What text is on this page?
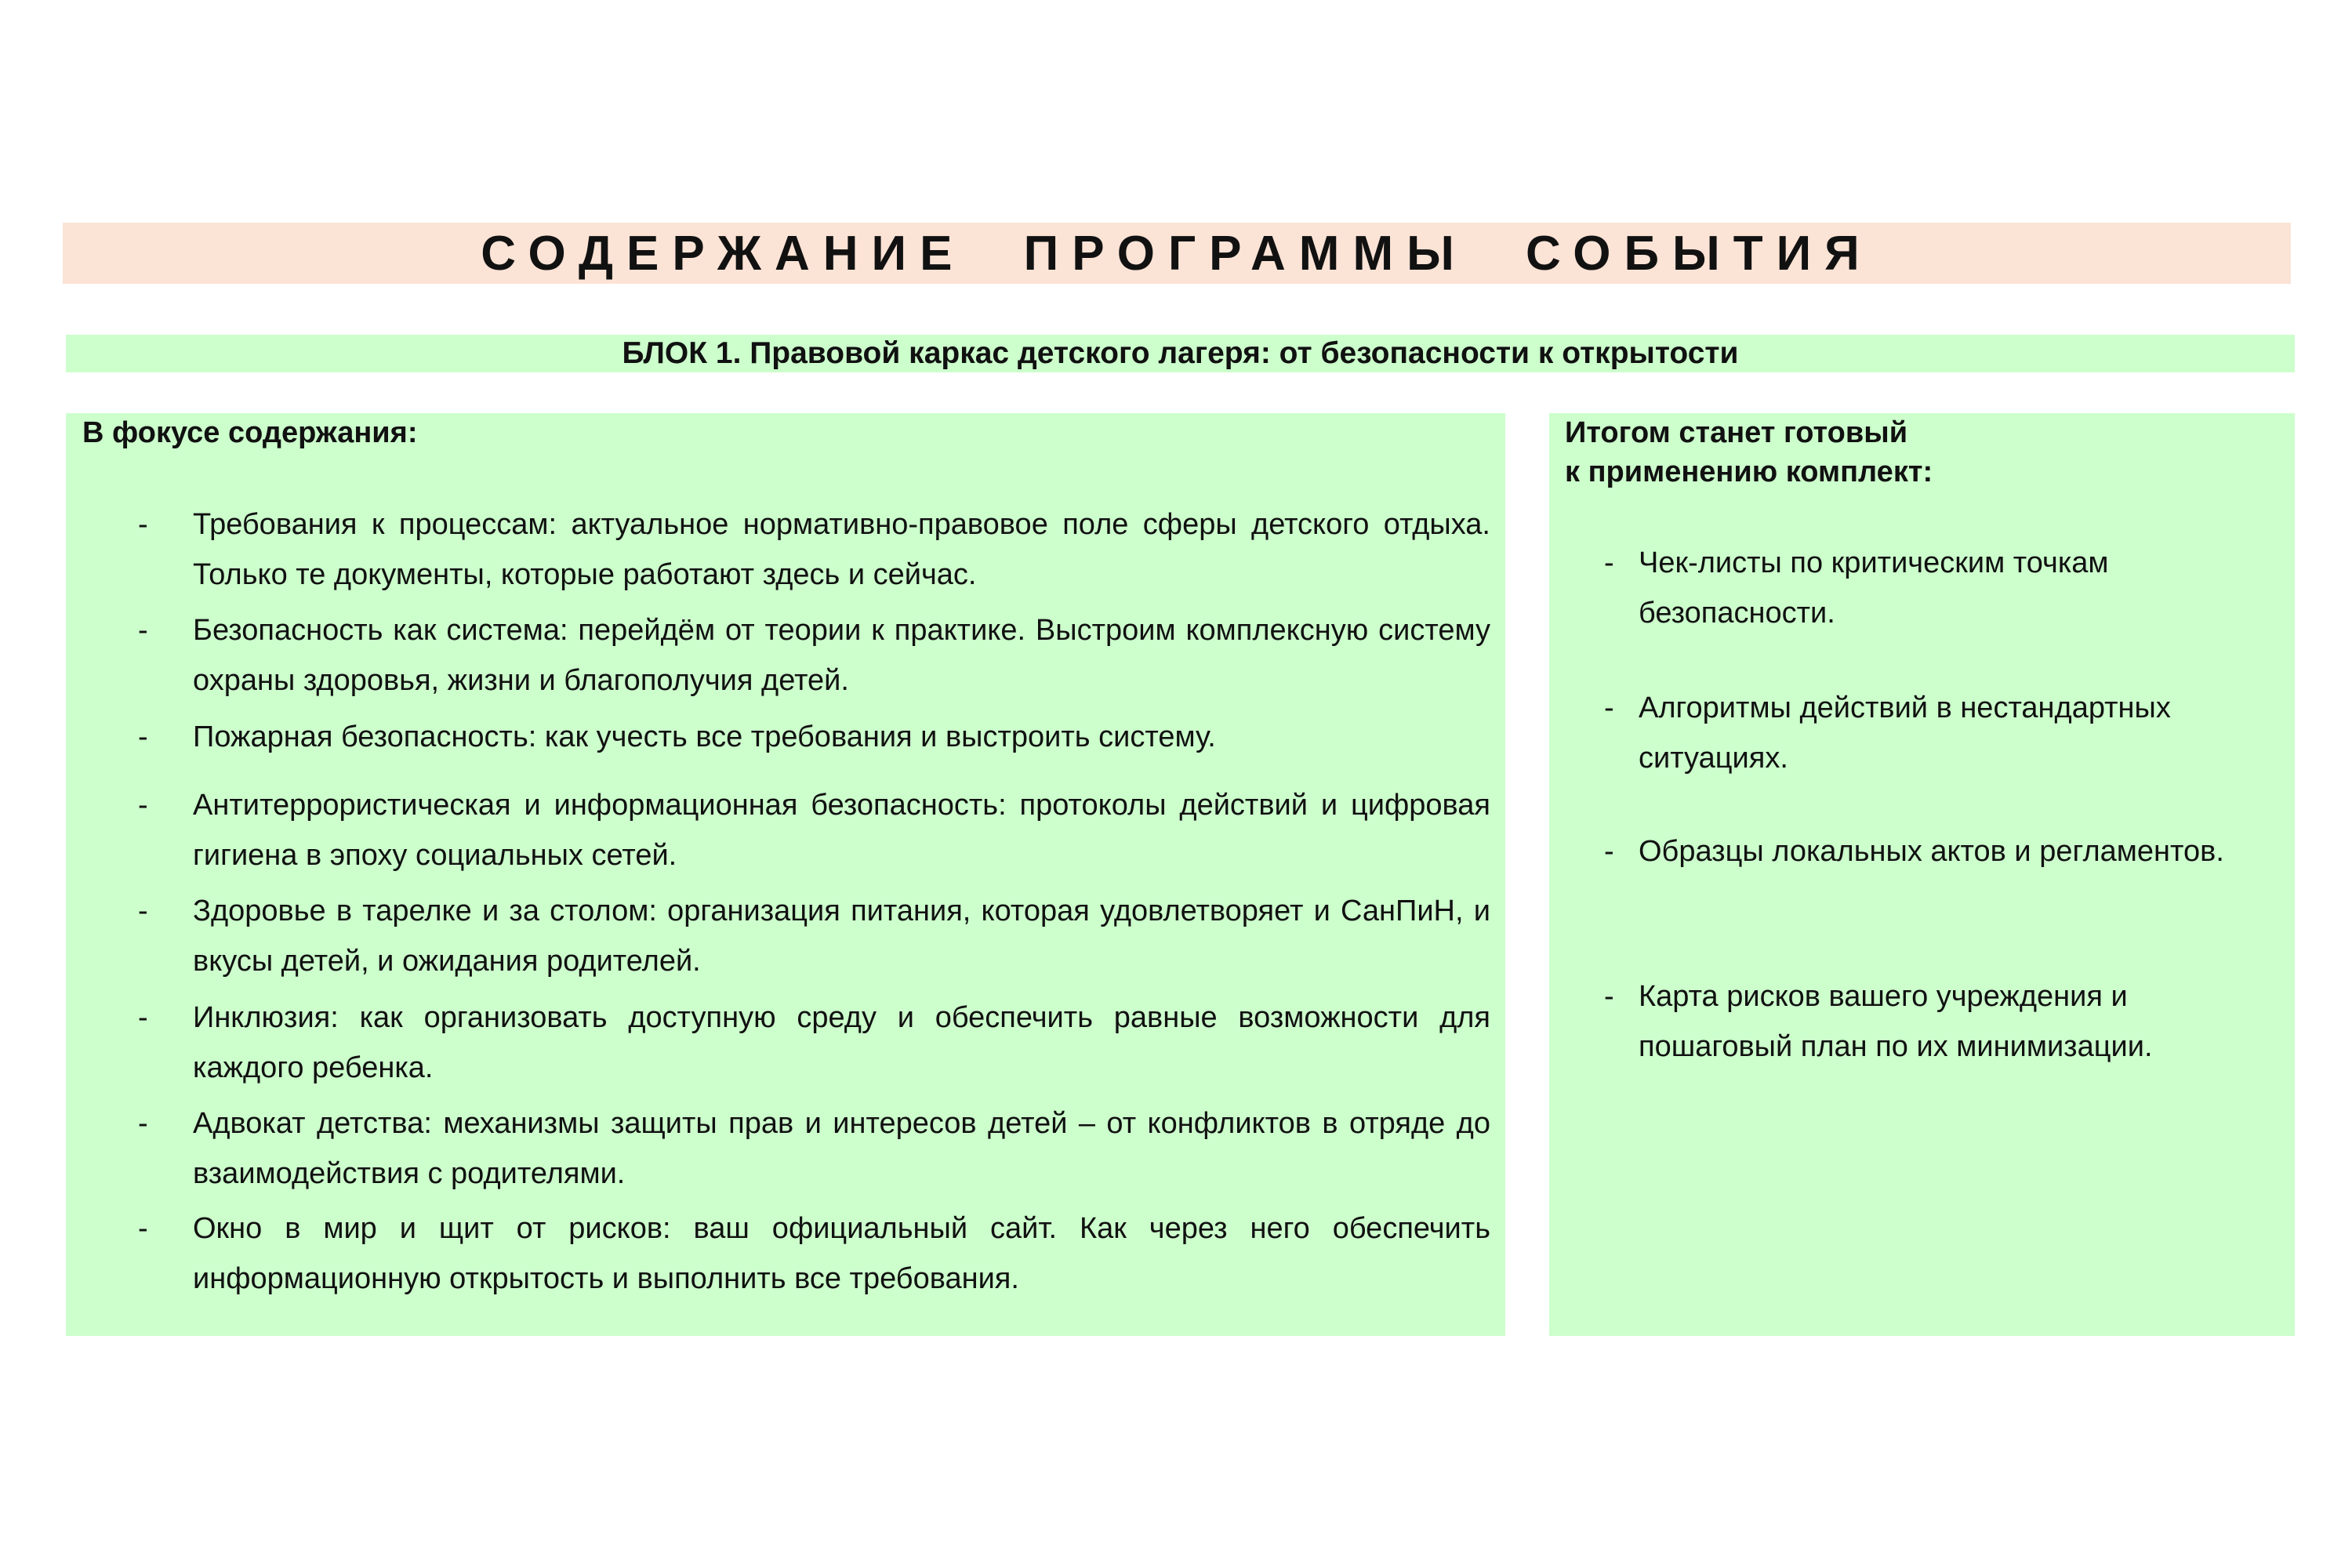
СОДЕРЖАНИЕ ПРОГРАММЫ СОБЫТИЯ
БЛОК 1. Правовой каркас детского лагеря: от безопасности к открытости
В фокусе содержания:
- Требования к процессам: актуальное нормативно-правовое поле сферы детского отдыха. Только те документы, которые работают здесь и сейчас.
- Безопасность как система: перейдём от теории к практике. Выстроим комплексную систему охраны здоровья, жизни и благополучия детей.
- Пожарная безопасность: как учесть все требования и выстроить систему.
- Антитеррористическая и информационная безопасность: протоколы действий и цифровая гигиена в эпоху социальных сетей.
- Здоровье в тарелке и за столом: организация питания, которая удовлетворяет и СанПиН, и вкусы детей, и ожидания родителей.
- Инклюзия: как организовать доступную среду и обеспечить равные возможности для каждого ребенка.
- Адвокат детства: механизмы защиты прав и интересов детей – от конфликтов в отряде до взаимодействия с родителями.
- Окно в мир и щит от рисков: ваш официальный сайт. Как через него обеспечить информационную открытость и выполнить все требования.
Итогом станет готовый
к применению комплект:
- Чек-листы по критическим точкам безопасности.
- Алгоритмы действий в нестандартных ситуациях.
- Образцы локальных актов и регламентов.
- Карта рисков вашего учреждения и пошаговый план по их минимизации.
